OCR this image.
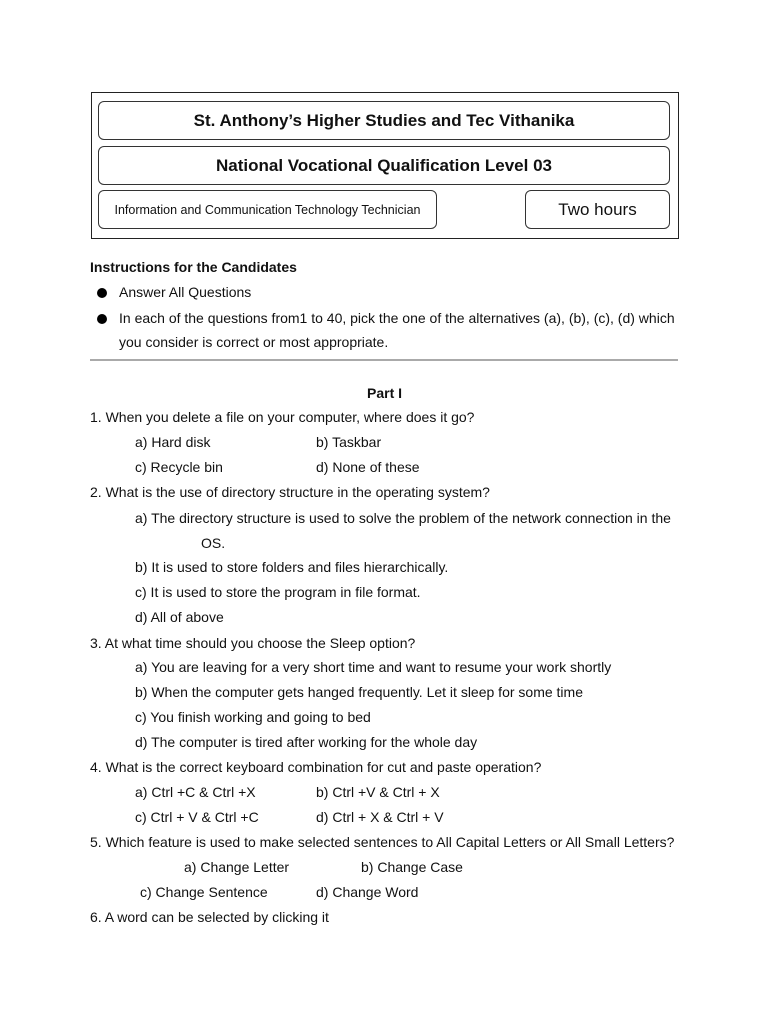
St. Anthony’s Higher Studies and Tec Vithanika
National Vocational Qualification Level 03
Information and Communication Technology Technician	Two hours
Instructions for the Candidates
Answer All Questions
In each of the questions from1 to 40, pick the one of the alternatives (a), (b), (c), (d) which
you consider is correct or most appropriate.
Part I
1. When you delete a file on your computer, where does it go?
a) Hard disk	b) Taskbar
c) Recycle bin	d) None of these
2. What is the use of directory structure in the operating system?
a) The directory structure is used to solve the problem of the network connection in the
OS.
b) It is used to store folders and files hierarchically.
c) It is used to store the program in file format.
d) All of above
3. At what time should you choose the Sleep option?
a) You are leaving for a very short time and want to resume your work shortly
b) When the computer gets hanged frequently. Let it sleep for some time
c) You finish working and going to bed
d) The computer is tired after working for the whole day
4. What is the correct keyboard combination for cut and paste operation?
a) Ctrl +C & Ctrl +X	b) Ctrl +V & Ctrl + X
c) Ctrl + V & Ctrl +C	d) Ctrl + X & Ctrl + V
5. Which feature is used to make selected sentences to All Capital Letters or All Small Letters?
a) Change Letter	b) Change Case
c) Change Sentence	d) Change Word
6. A word can be selected by clicking it
